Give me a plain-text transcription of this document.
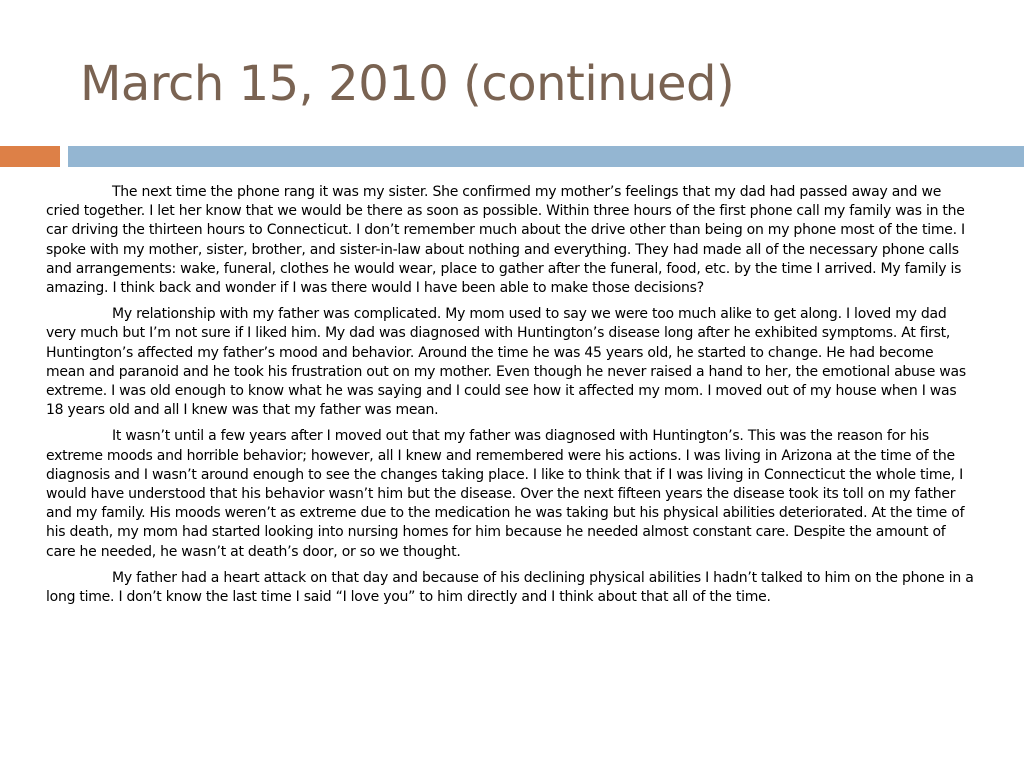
March 15, 2010 (continued)

The next time the phone rang it was my sister. She confirmed my mother’s feelings that my dad had passed away and we cried together. I let her know that we would be there as soon as possible. Within three hours of the first phone call my family was in the car driving the thirteen hours to Connecticut. I don’t remember much about the drive other than being on my phone most of the time. I spoke with my mother, sister, brother, and sister-in-law about nothing and everything. They had made all of the necessary phone calls and arrangements: wake, funeral, clothes he would wear, place to gather after the funeral, food, etc. by the time I arrived. My family is amazing. I think back and wonder if I was there would I have been able to make those decisions?

My relationship with my father was complicated. My mom used to say we were too much alike to get along. I loved my dad very much but I’m not sure if I liked him. My dad was diagnosed with Huntington’s disease long after he exhibited symptoms. At first, Huntington’s affected my father’s mood and behavior. Around the time he was 45 years old, he started to change. He had become mean and paranoid and he took his frustration out on my mother. Even though he never raised a hand to her, the emotional abuse was extreme. I was old enough to know what he was saying and I could see how it affected my mom. I moved out of my house when I was 18 years old and all I knew was that my father was mean.

It wasn’t until a few years after I moved out that my father was diagnosed with Huntington’s. This was the reason for his extreme moods and horrible behavior; however, all I knew and remembered were his actions. I was living in Arizona at the time of the diagnosis and I wasn’t around enough to see the changes taking place. I like to think that if I was living in Connecticut the whole time, I would have understood that his behavior wasn’t him but the disease. Over the next fifteen years the disease took its toll on my father and my family. His moods weren’t as extreme due to the medication he was taking but his physical abilities deteriorated. At the time of his death, my mom had started looking into nursing homes for him because he needed almost constant care. Despite the amount of care he needed, he wasn’t at death’s door, or so we thought.

My father had a heart attack on that day and because of his declining physical abilities I hadn’t talked to him on the phone in a long time. I don’t know the last time I said “I love you” to him directly and I think about that all of the time.
